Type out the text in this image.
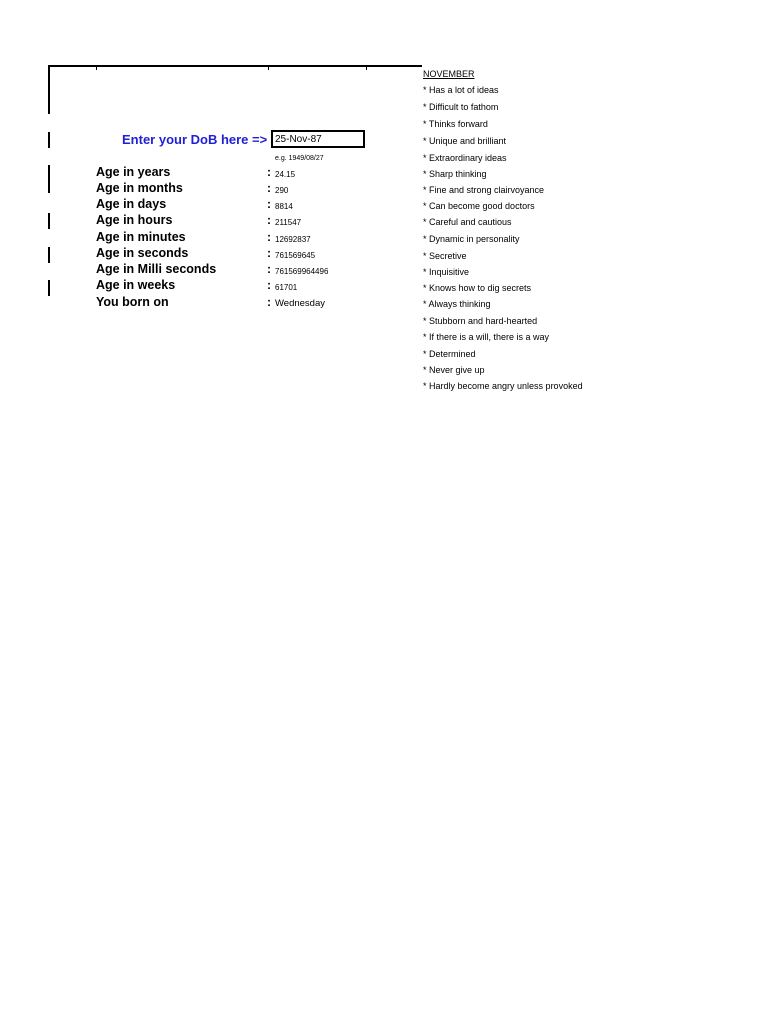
Enter your DoB here => 25-Nov-87
e.g. 1949/08/27
Age in years	: 24.15
Age in months	: 290
Age in days	: 8814
Age in hours	: 211547
Age in minutes	: 12692837
Age in seconds	: 761569645
Age in Milli seconds	: 761569964496
Age in weeks	: 61701
You born on	: Wednesday
NOVEMBER
* Has a lot of ideas
* Difficult to fathom
* Thinks forward
* Unique and brilliant
* Extraordinary ideas
* Sharp thinking
* Fine and strong clairvoyance
* Can become good doctors
* Careful and cautious
* Dynamic in personality
* Secretive
* Inquisitive
* Knows how to dig secrets
* Always thinking
* Stubborn and hard-hearted
* If there is a will, there is a way
* Determined
* Never give up
* Hardly become angry unless provoked
